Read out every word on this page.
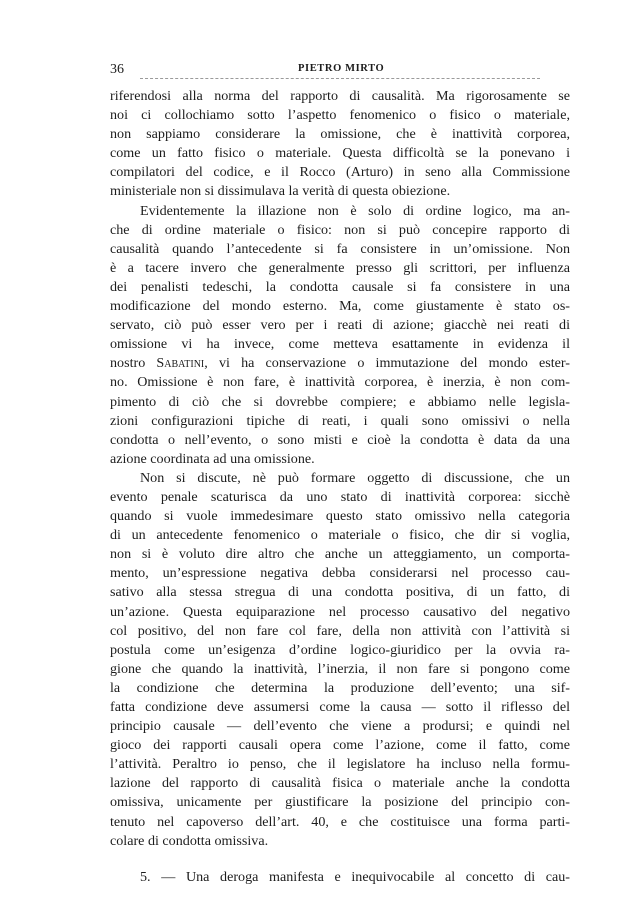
36	PIETRO MIRTO
riferendosi alla norma del rapporto di causalità. Ma rigorosamente se
noi ci collochiamo sotto l’aspetto fenomenico o fisico o materiale,
non sappiamo considerare la omissione, che è inattività corporea,
come un fatto fisico o materiale. Questa difficoltà se la ponevano i
compilatori del codice, e il Rocco (Arturo) in seno alla Commissione
ministeriale non si dissimulava la verità di questa obiezione.
Evidentemente la illazione non è solo di ordine logico, ma an-
che di ordine materiale o fisico: non si può concepire rapporto di
causalità quando l’antecedente si fa consistere in un’omissione. Non
è a tacere invero che generalmente presso gli scrittori, per influenza
dei penalisti tedeschi, la condotta causale si fa consistere in una
modificazione del mondo esterno. Ma, come giustamente è stato os-
servato, ciò può esser vero per i reati di azione; giacchè nei reati di
omissione vi ha invece, come metteva esattamente in evidenza il
nostro Sabatini, vi ha conservazione o immutazione del mondo ester-
no. Omissione è non fare, è inattività corporea, è inerzia, è non com-
pimento di ciò che si dovrebbe compiere; e abbiamo nelle legisla-
zioni configurazioni tipiche di reati, i quali sono omissivi o nella
condotta o nell’evento, o sono misti e cioè la condotta è data da una
azione coordinata ad una omissione.
Non si discute, nè può formare oggetto di discussione, che un
evento penale scaturisca da uno stato di inattività corporea: sicchè
quando si vuole immedesimare questo stato omissivo nella categoria
di un antecedente fenomenico o materiale o fisico, che dir si voglia,
non si è voluto dire altro che anche un atteggiamento, un comporta-
mento, un’espressione negativa debba considerarsi nel processo cau-
sativo alla stessa stregua di una condotta positiva, di un fatto, di
un’azione. Questa equiparazione nel processo causativo del negativo
col positivo, del non fare col fare, della non attività con l’attività si
postula come un’esigenza d’ordine logico-giuridico per la ovvia ra-
gione che quando la inattività, l’inerzia, il non fare si pongono come
la condizione che determina la produzione dell’evento; una sif-
fatta condizione deve assumersi come la causa — sotto il riflesso del
principio causale — dell’evento che viene a prodursi; e quindi nel
gioco dei rapporti causali opera come l’azione, come il fatto, come
l’attività. Peraltro io penso, che il legislatore ha incluso nella formu-
lazione del rapporto di causalità fisica o materiale anche la condotta
omissiva, unicamente per giustificare la posizione del principio con-
tenuto nel capoverso dell’art. 40, e che costituisce una forma parti-
colare di condotta omissiva.
5. — Una deroga manifesta e inequivocabile al concetto di cau-
